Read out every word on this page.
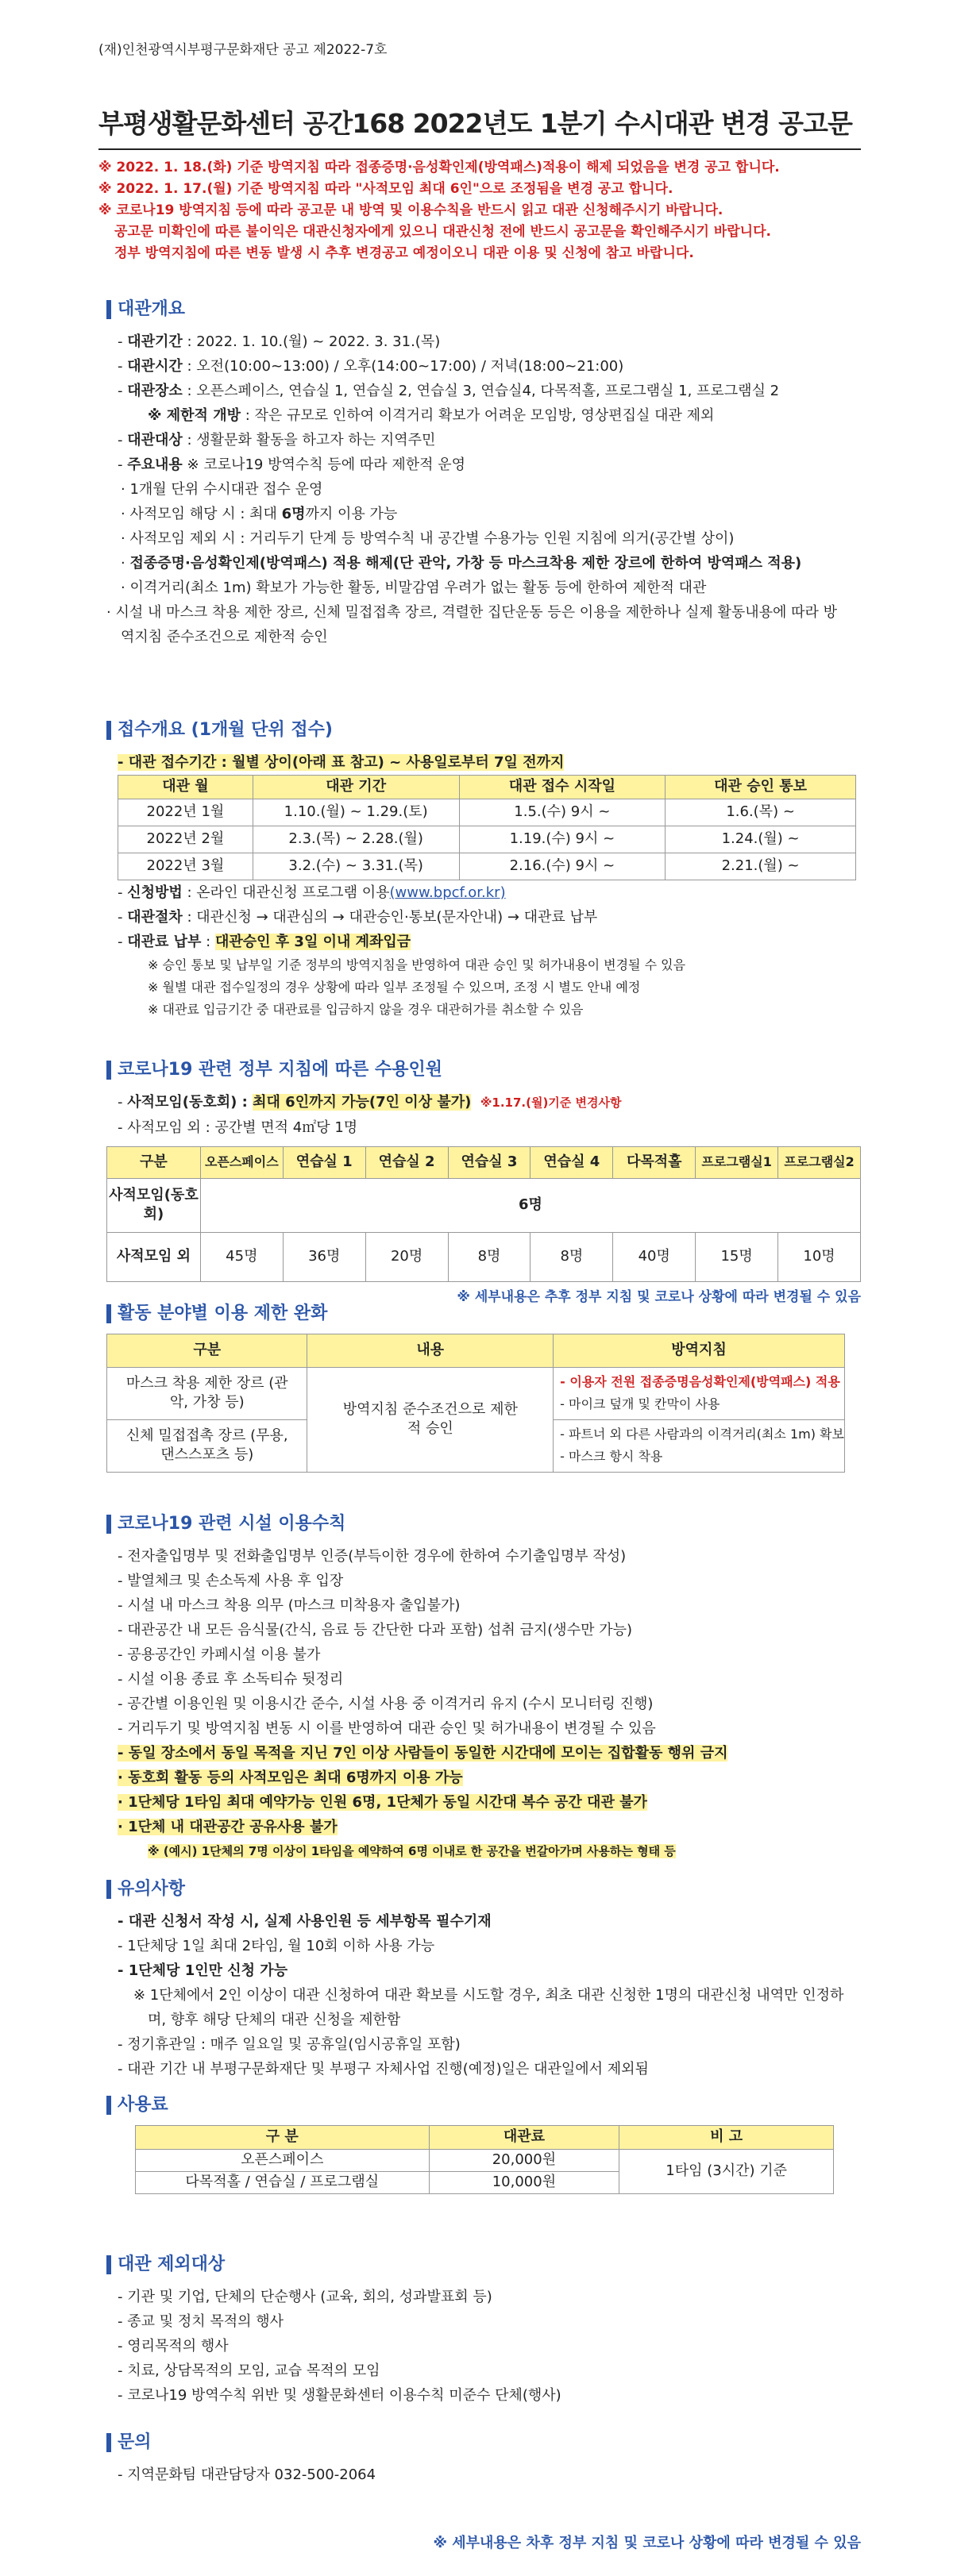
(재)인천광역시부평구문화재단 공고 제2022-7호
부평생활문화센터 공간168 2022년도 1분기 수시대관 변경 공고문
※ 2022. 1. 18.(화) 기준 방역지침 따라 접종증명·음성확인제(방역패스)적용이 해제 되었음을 변경 공고 합니다.
※ 2022. 1. 17.(월) 기준 방역지침 따라 "사적모임 최대 6인"으로 조정됨을 변경 공고 합니다.
※ 코로나19 방역지침 등에 따라 공고문 내 방역 및 이용수칙을 반드시 읽고 대관 신청해주시기 바랍니다.
공고문 미확인에 따른 불이익은 대관신청자에게 있으니 대관신청 전에 반드시 공고문을 확인해주시기 바랍니다.
정부 방역지침에 따른 변동 발생 시 추후 변경공고 예정이오니 대관 이용 및 신청에 참고 바랍니다.
대관개요
- 대관기간 : 2022. 1. 10.(월) ~ 2022. 3. 31.(목)
- 대관시간 : 오전(10:00~13:00) / 오후(14:00~17:00) / 저녁(18:00~21:00)
- 대관장소 : 오픈스페이스, 연습실 1, 연습실 2, 연습실 3, 연습실4, 다목적홀, 프로그램실 1, 프로그램실 2
※ 제한적 개방 : 작은 규모로 인하여 이격거리 확보가 어려운 모임방, 영상편집실 대관 제외
- 대관대상 : 생활문화 활동을 하고자 하는 지역주민
- 주요내용 ※ 코로나19 방역수칙 등에 따라 제한적 운영
· 1개월 단위 수시대관 접수 운영
· 사적모임 해당 시 : 최대 6명까지 이용 가능
· 사적모임 제외 시 : 거리두기 단계 등 방역수칙 내 공간별 수용가능 인원 지침에 의거(공간별 상이)
· 접종증명·음성확인제(방역패스) 적용 해제(단 관악, 가창 등 마스크착용 제한 장르에 한하여 방역패스 적용)
· 이격거리(최소 1m) 확보가 가능한 활동, 비말감염 우려가 없는 활동 등에 한하여 제한적 대관
· 시설 내 마스크 착용 제한 장르, 신체 밀접접촉 장르, 격렬한 집단운동 등은 이용을 제한하나 실제 활동내용에 따라 방역지침 준수조건으로 제한적 승인
접수개요 (1개월 단위 접수)
- 대관 접수기간 : 월별 상이(아래 표 참고) ~ 사용일로부터 7일 전까지
대관 월	대관 기간	대관 접수 시작일	대관 승인 통보
2022년 1월	1.10.(월) ~ 1.29.(토)	1.5.(수) 9시 ~	1.6.(목) ~
2022년 2월	2.3.(목) ~ 2.28.(월)	1.19.(수) 9시 ~	1.24.(월) ~
2022년 3월	3.2.(수) ~ 3.31.(목)	2.16.(수) 9시 ~	2.21.(월) ~
- 신청방법 : 온라인 대관신청 프로그램 이용(www.bpcf.or.kr)
- 대관절차 : 대관신청 → 대관심의 → 대관승인·통보(문자안내) → 대관료 납부
- 대관료 납부 : 대관승인 후 3일 이내 계좌입금
※ 승인 통보 및 납부일 기준 정부의 방역지침을 반영하여 대관 승인 및 허가내용이 변경될 수 있음
※ 월별 대관 접수일정의 경우 상황에 따라 일부 조정될 수 있으며, 조정 시 별도 안내 예정
※ 대관료 입금기간 중 대관료를 입금하지 않을 경우 대관허가를 취소할 수 있음
코로나19 관련 정부 지침에 따른 수용인원
- 사적모임(동호회) : 최대 6인까지 가능(7인 이상 불가) ※1.17.(월)기준 변경사항
- 사적모임 외 : 공간별 면적 4㎡당 1명
구분	오픈스페이스	연습실 1	연습실 2	연습실 3	연습실 4	다목적홀	프로그램실1	프로그램실2
사적모임(동호회)	6명							
사적모임 외	45명	36명	20명	8명	8명	40명	15명	10명
※ 세부내용은 추후 정부 지침 및 코로나 상황에 따라 변경될 수 있음
활동 분야별 이용 제한 완화
구분	내용	방역지침
마스크 착용 제한 장르 (관악, 가창 등)	방역지침 준수조건으로 제한적 승인	- 이용자 전원 접종증명음성확인제(방역패스) 적용
- 마이크 덮개 및 칸막이 사용

신체 밀접접촉 장르 (무용, 댄스스포츠 등)		- 파트너 외 다른 사람과의 이격거리(최소 1m) 확보
- 마스크 항시 착용
코로나19 관련 시설 이용수칙
- 전자출입명부 및 전화출입명부 인증(부득이한 경우에 한하여 수기출입명부 작성)
- 발열체크 및 손소독제 사용 후 입장
- 시설 내 마스크 착용 의무 (마스크 미착용자 출입불가)
- 대관공간 내 모든 음식물(간식, 음료 등 간단한 다과 포함) 섭취 금지(생수만 가능)
- 공용공간인 카페시설 이용 불가
- 시설 이용 종료 후 소독티슈 뒷정리
- 공간별 이용인원 및 이용시간 준수, 시설 사용 중 이격거리 유지 (수시 모니터링 진행)
- 거리두기 및 방역지침 변동 시 이를 반영하여 대관 승인 및 허가내용이 변경될 수 있음
- 동일 장소에서 동일 목적을 지닌 7인 이상 사람들이 동일한 시간대에 모이는 집합활동 행위 금지
· 동호회 활동 등의 사적모임은 최대 6명까지 이용 가능
· 1단체당 1타임 최대 예약가능 인원 6명, 1단체가 동일 시간대 복수 공간 대관 불가
· 1단체 내 대관공간 공유사용 불가
※ (예시) 1단체의 7명 이상이 1타임을 예약하여 6명 이내로 한 공간을 번갈아가며 사용하는 형태 등
유의사항
- 대관 신청서 작성 시, 실제 사용인원 등 세부항목 필수기재
- 1단체당 1일 최대 2타임, 월 10회 이하 사용 가능
- 1단체당 1인만 신청 가능
※ 1단체에서 2인 이상이 대관 신청하여 대관 확보를 시도할 경우, 최초 대관 신청한 1명의 대관신청 내역만 인정하며, 향후 해당 단체의 대관 신청을 제한함
- 정기휴관일 : 매주 일요일 및 공휴일(임시공휴일 포함)
- 대관 기간 내 부평구문화재단 및 부평구 자체사업 진행(예정)일은 대관일에서 제외됨
사용료
구 분	대관료	비 고
오픈스페이스	20,000원	1타임 (3시간) 기준
다목적홀 / 연습실 / 프로그램실	10,000원	
대관 제외대상
- 기관 및 기업, 단체의 단순행사 (교육, 회의, 성과발표회 등)
- 종교 및 정치 목적의 행사
- 영리목적의 행사
- 치료, 상담목적의 모임, 교습 목적의 모임
- 코로나19 방역수칙 위반 및 생활문화센터 이용수칙 미준수 단체(행사)
문의
- 지역문화팀 대관담당자 032-500-2064
※ 세부내용은 차후 정부 지침 및 코로나 상황에 따라 변경될 수 있음
